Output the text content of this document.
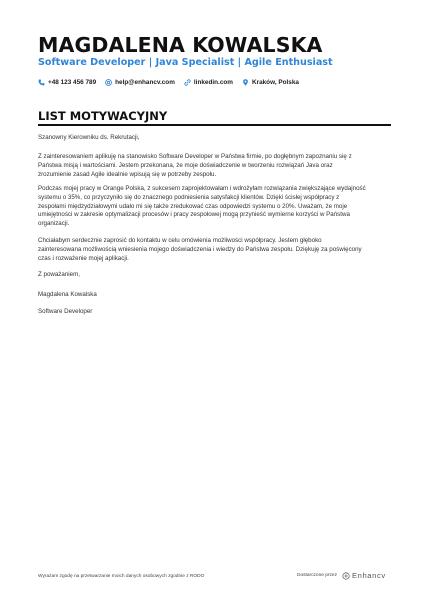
MAGDALENA KOWALSKA
Software Developer | Java Specialist | Agile Enthusiast
+48 123 456 789	help@enhancv.com	linkedin.com	Kraków, Polska
LIST MOTYWACYJNY
Szanowny Kierowniku ds. Rekrutacji,
Z zainteresowaniem aplikuję na stanowisko Software Developer w Państwa firmie, po dogłębnym zapoznaniu się z
Państwa misją i wartościami. Jestem przekonana, że moje doświadczenie w tworzeniu rozwiązań Java oraz
zrozumienie zasad Agile idealnie wpisują się w potrzeby zespołu.
Podczas mojej pracy w Orange Polska, z sukcesem zaprojektowałam i wdrożyłam rozwiązania zwiększające wydajność
systemu o 35%, co przyczyniło się do znacznego podniesienia satysfakcji klientów. Dzięki ścisłej współpracy z
zespołami międzydziałowymi udało mi się także zredukować czas odpowiedzi systemu o 20%. Uważam, że moje
umiejętności w zakresie optymalizacji procesów i pracy zespołowej mogą przynieść wymierne korzyści w Państwa
organizacji.
Chciałabym serdecznie zaprosić do kontaktu w celu omówienia możliwości współpracy. Jestem głęboko
zainteresowana możliwością wniesienia mojego doświadczenia i wiedzy do Państwa zespołu. Dziękuję za poświęcony
czas i rozważenie mojej aplikacji.
Z poważaniem,
Magdalena Kowalska
Software Developer
Wyrażam zgodę na przetwarzanie moich danych osobowych zgodnie z RODO	Dostarczone przez Enhancv
